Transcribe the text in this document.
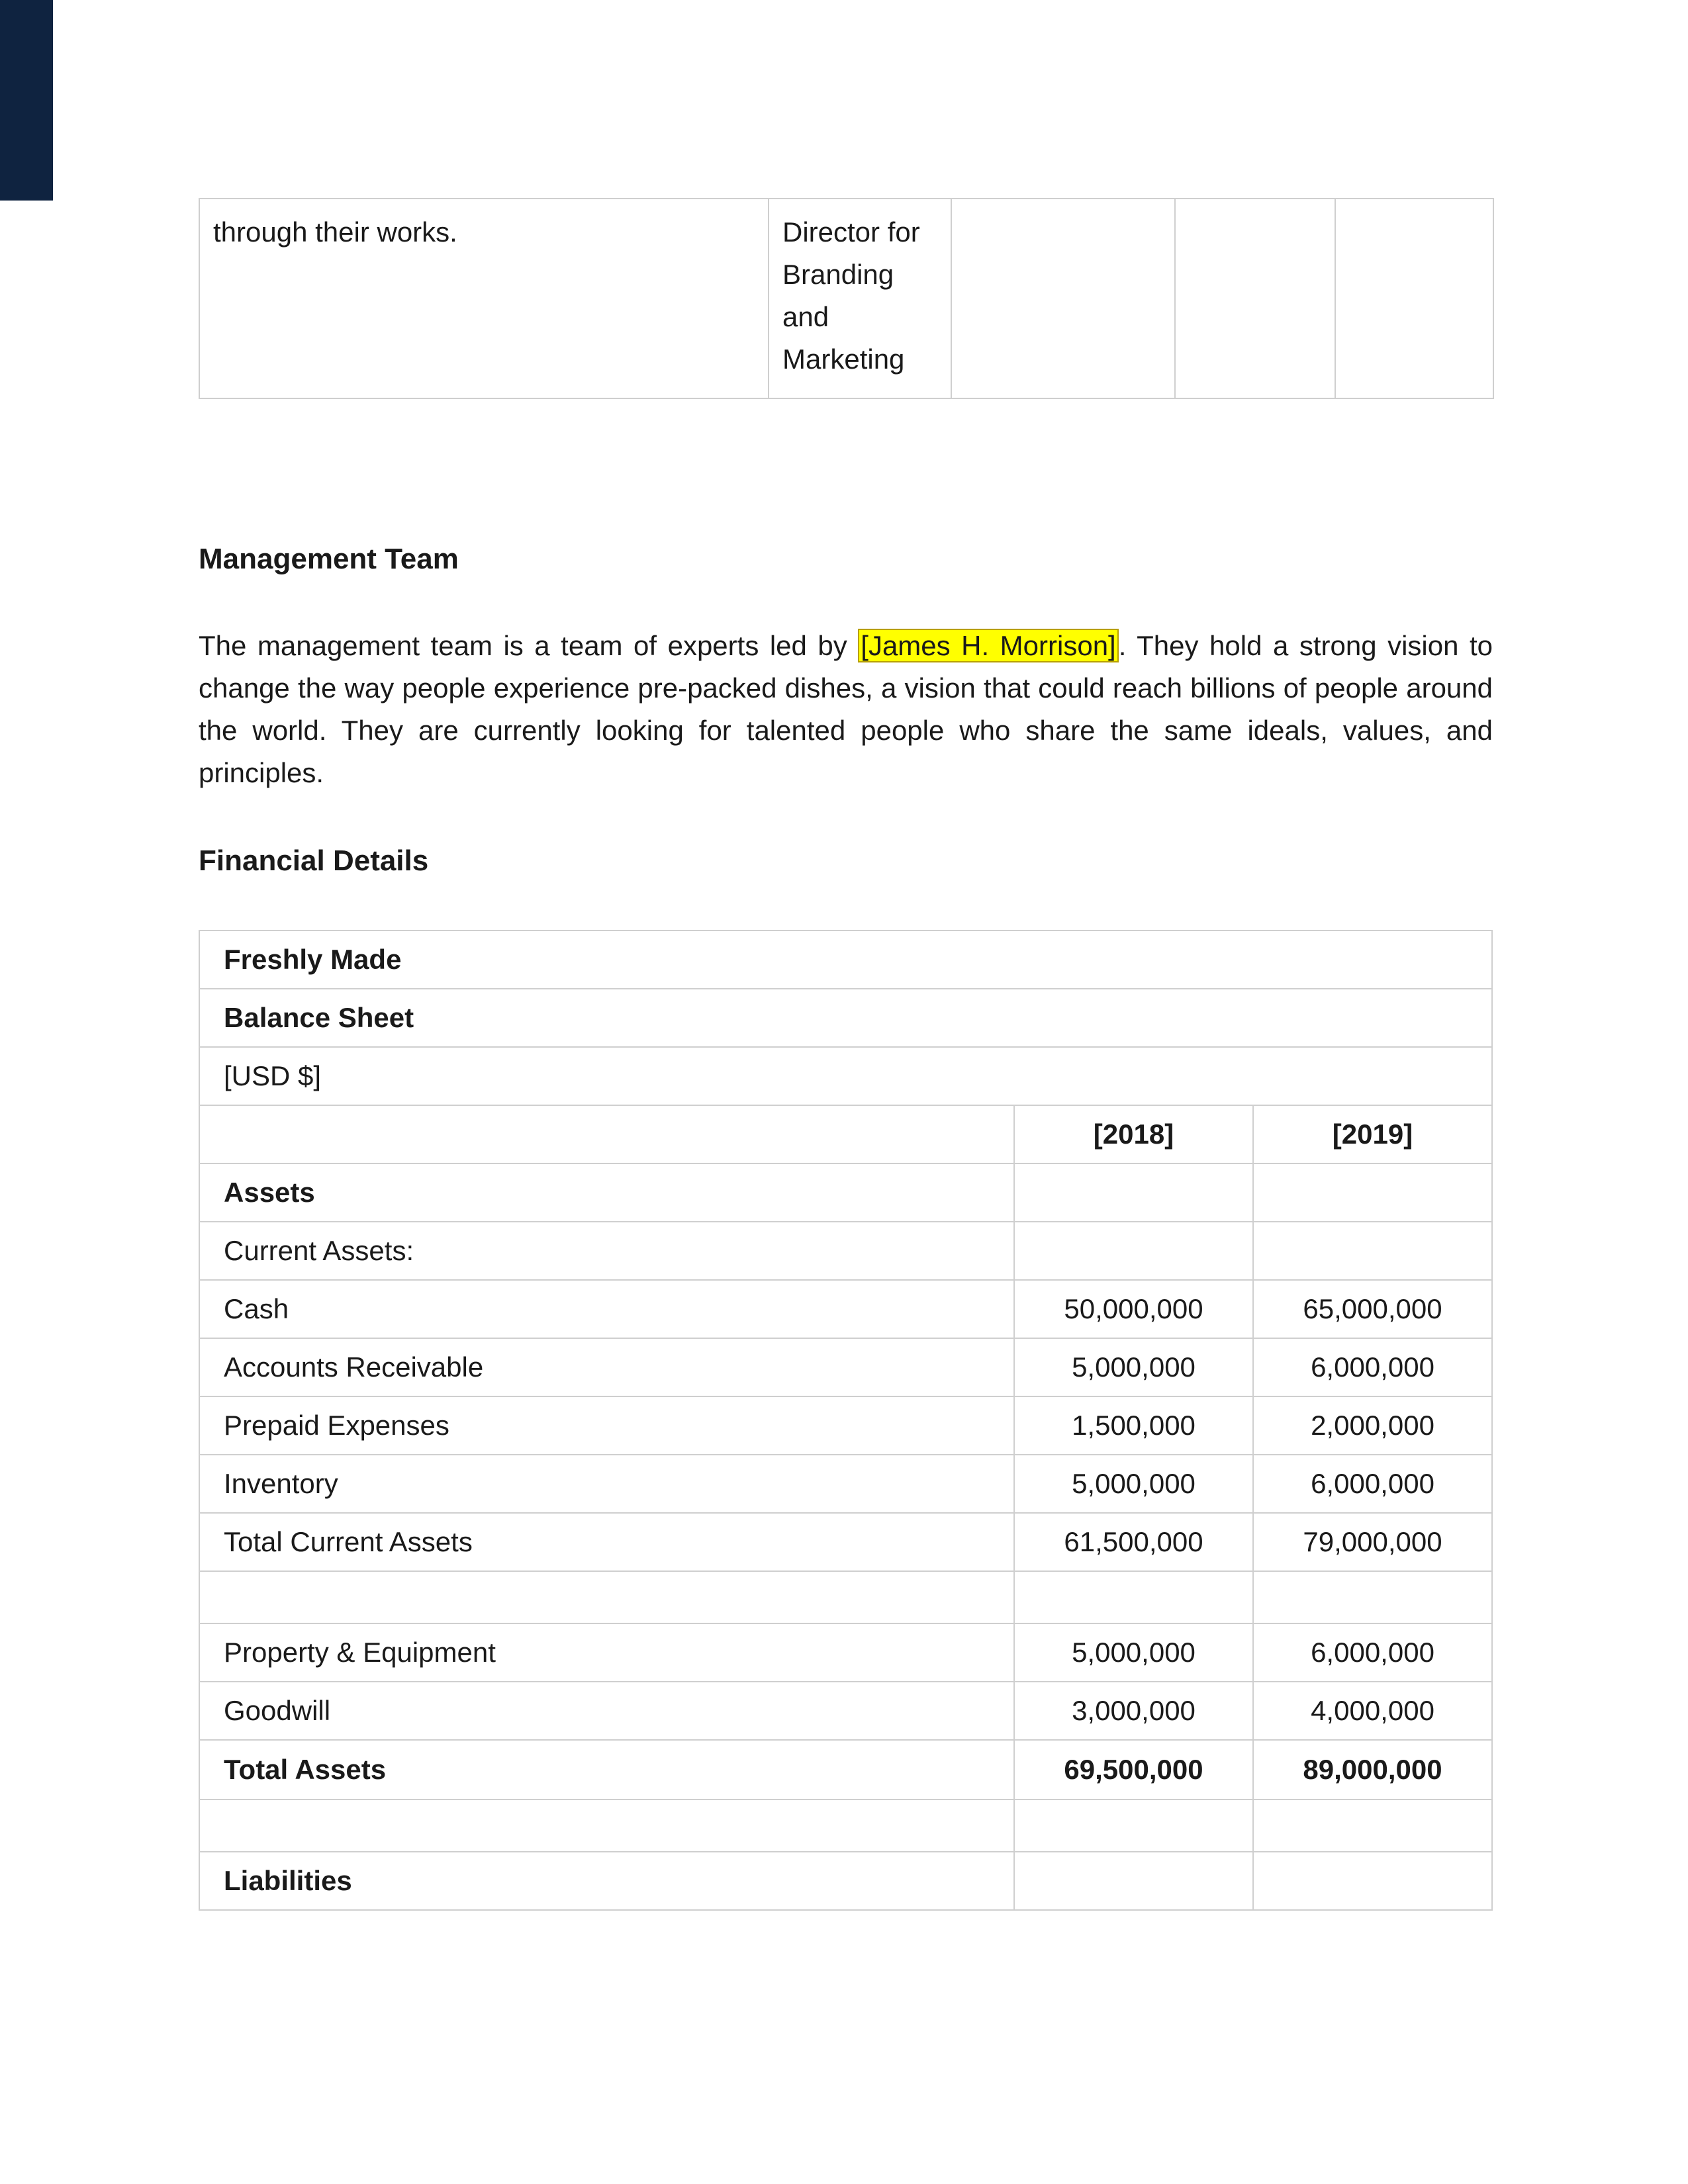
through their works.	Director for Branding and Marketing			
Management Team

The management team is a team of experts led by [James H. Morrison]. They hold a strong vision to change the way people experience pre-packed dishes, a vision that could reach billions of people around the world. They are currently looking for talented people who share the same ideals, values, and principles.

Financial Details
Freshly Made		
Balance Sheet		
[USD $]		
	[2018]	[2019]
Assets		
Current Assets:		
Cash	50,000,000	65,000,000
Accounts Receivable	5,000,000	6,000,000
Prepaid Expenses	1,500,000	2,000,000
Inventory	5,000,000	6,000,000
Total Current Assets	61,500,000	79,000,000

Property & Equipment	5,000,000	6,000,000
Goodwill	3,000,000	4,000,000
Total Assets	69,500,000	89,000,000

Liabilities		
